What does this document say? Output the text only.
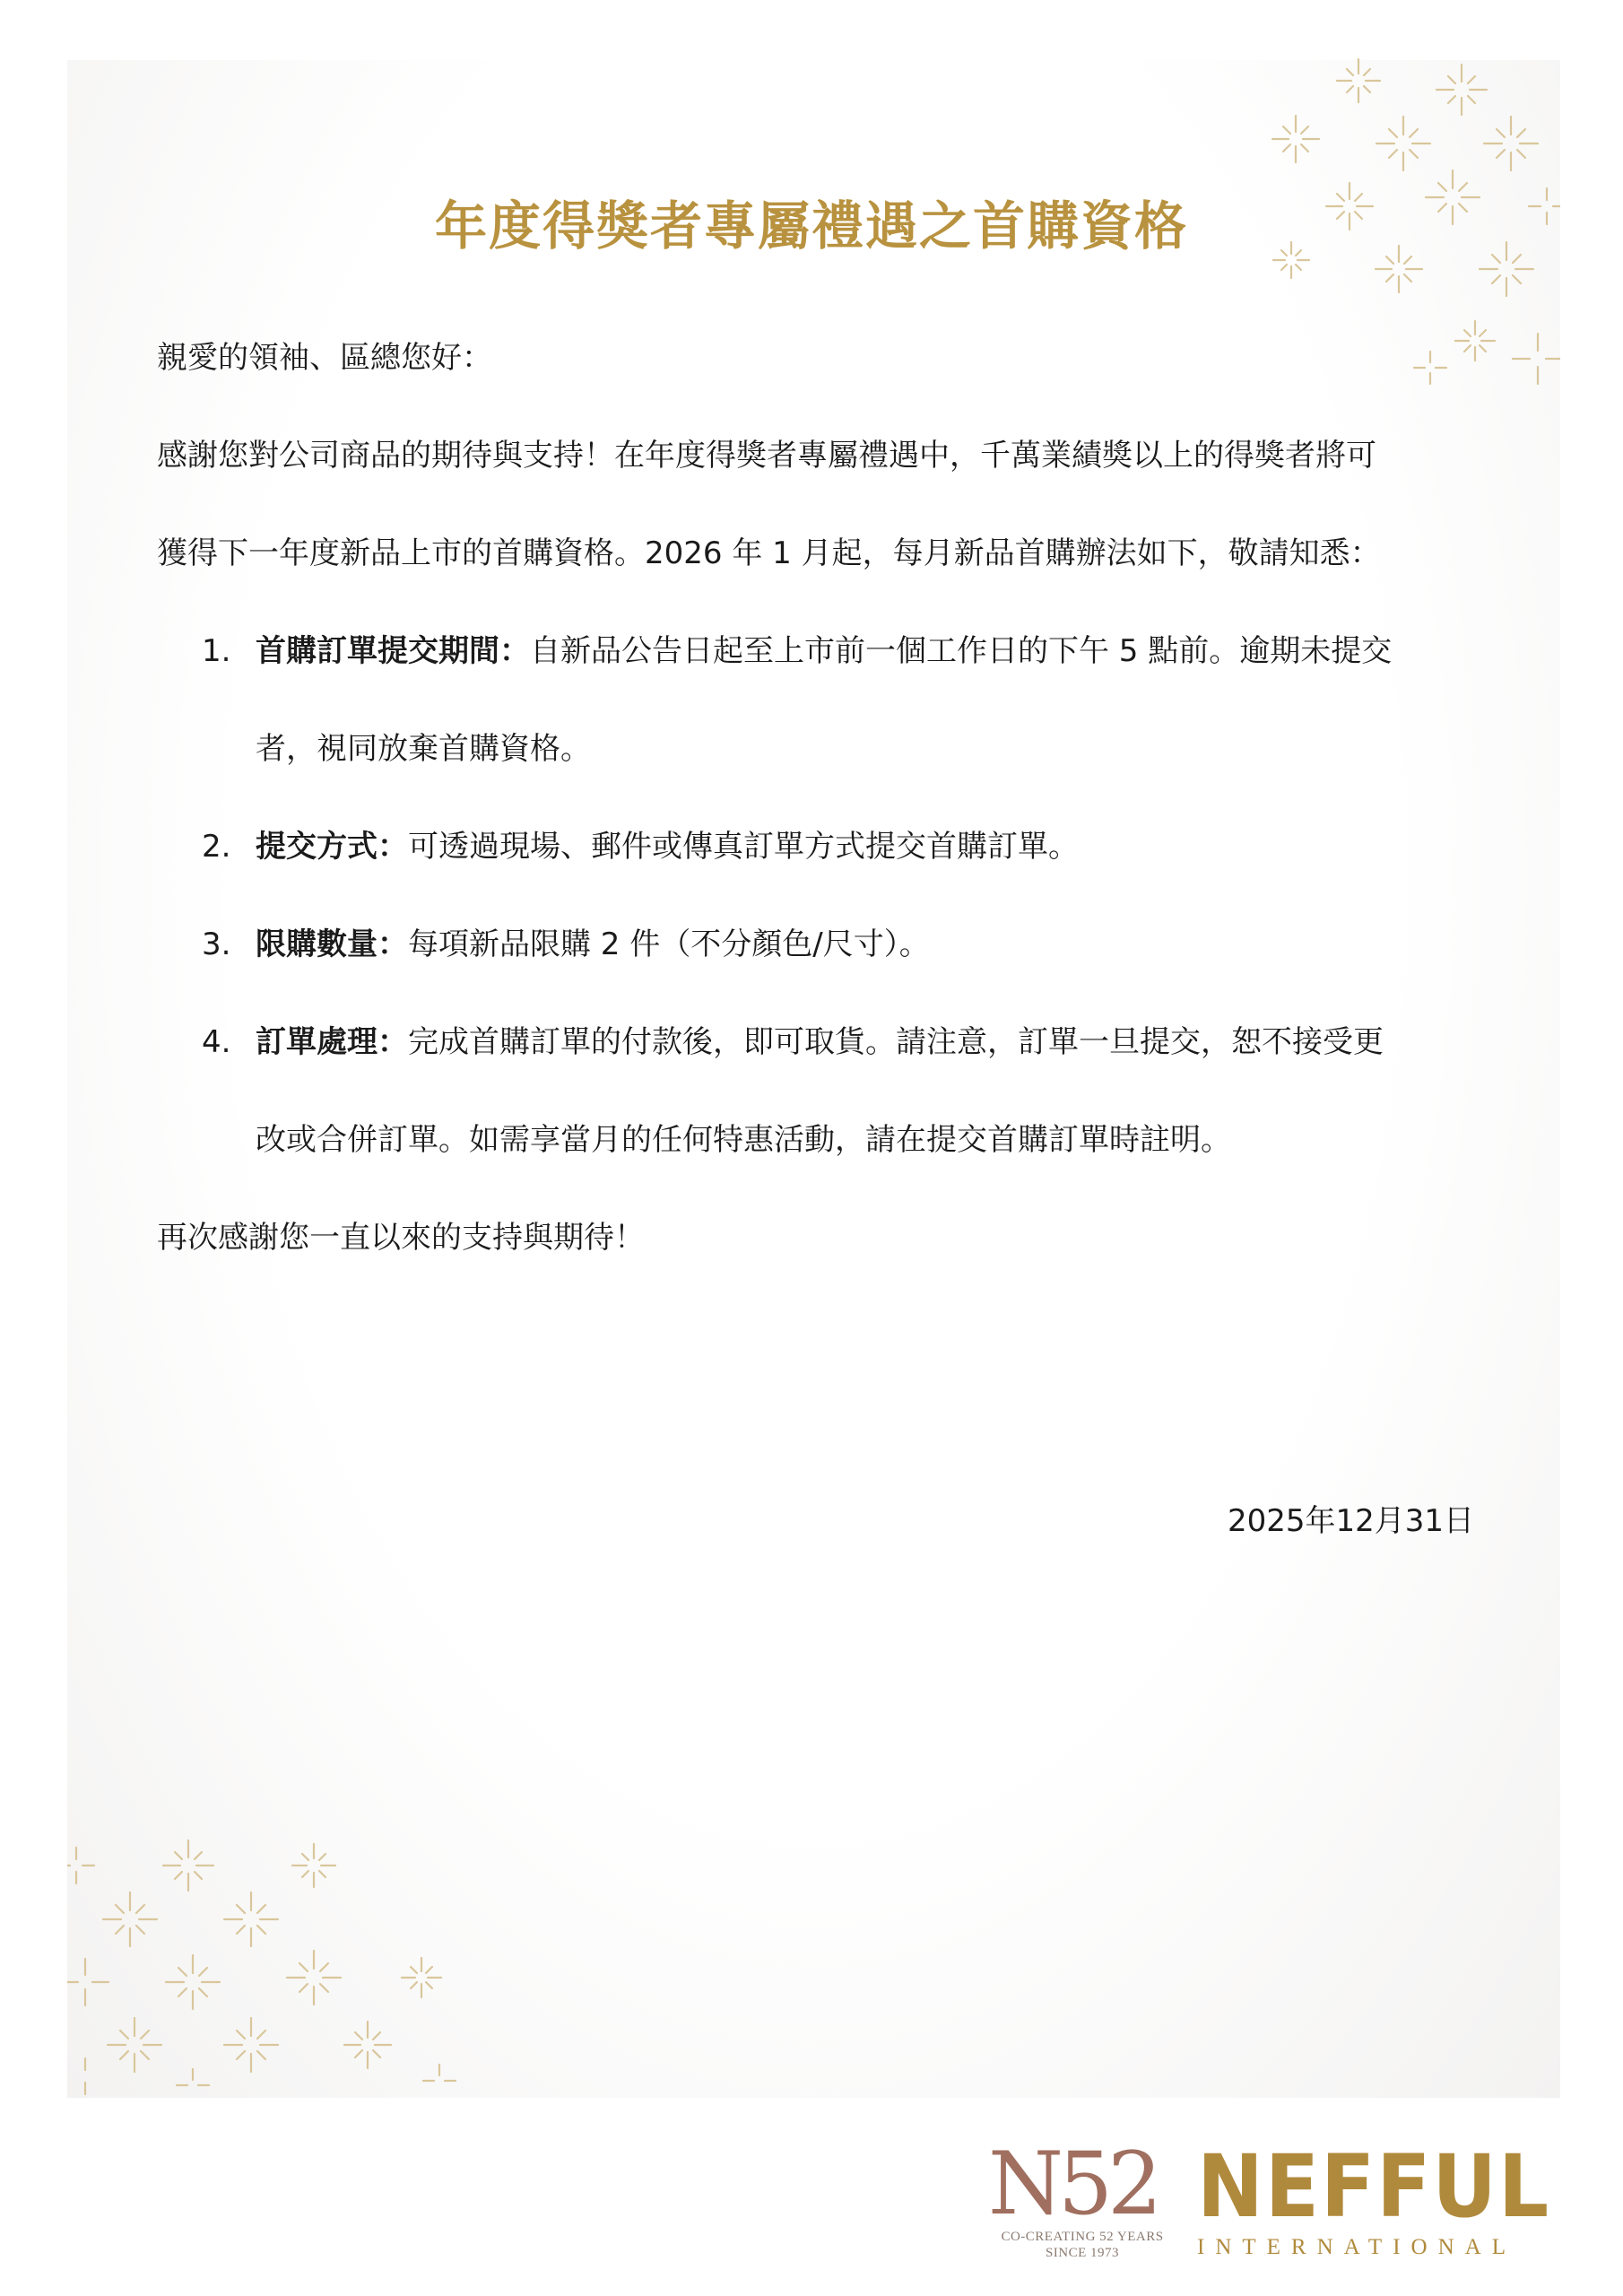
年度得獎者專屬禮遇之首購資格

親愛的領袖、區總您好：

感謝您對公司商品的期待與支持！在年度得獎者專屬禮遇中，千萬業績獎以上的得獎者將可

獲得下一年度新品上市的首購資格。2026 年 1 月起，每月新品首購辦法如下，敬請知悉：

1. 首購訂單提交期間：自新品公告日起至上市前一個工作日的下午 5 點前。逾期未提交
者，視同放棄首購資格。
2. 提交方式：可透過現場、郵件或傳真訂單方式提交首購訂單。
3. 限購數量：每項新品限購 2 件（不分顏色/尺寸）。
4. 訂單處理：完成首購訂單的付款後，即可取貨。請注意，訂單一旦提交，恕不接受更
改或合併訂單。如需享當月的任何特惠活動，請在提交首購訂單時註明。

再次感謝您一直以來的支持與期待！

2025年12月31日
N52
CO-CREATING 52 YEARS
SINCE 1973
NEFFUL
INTERNATIONAL
